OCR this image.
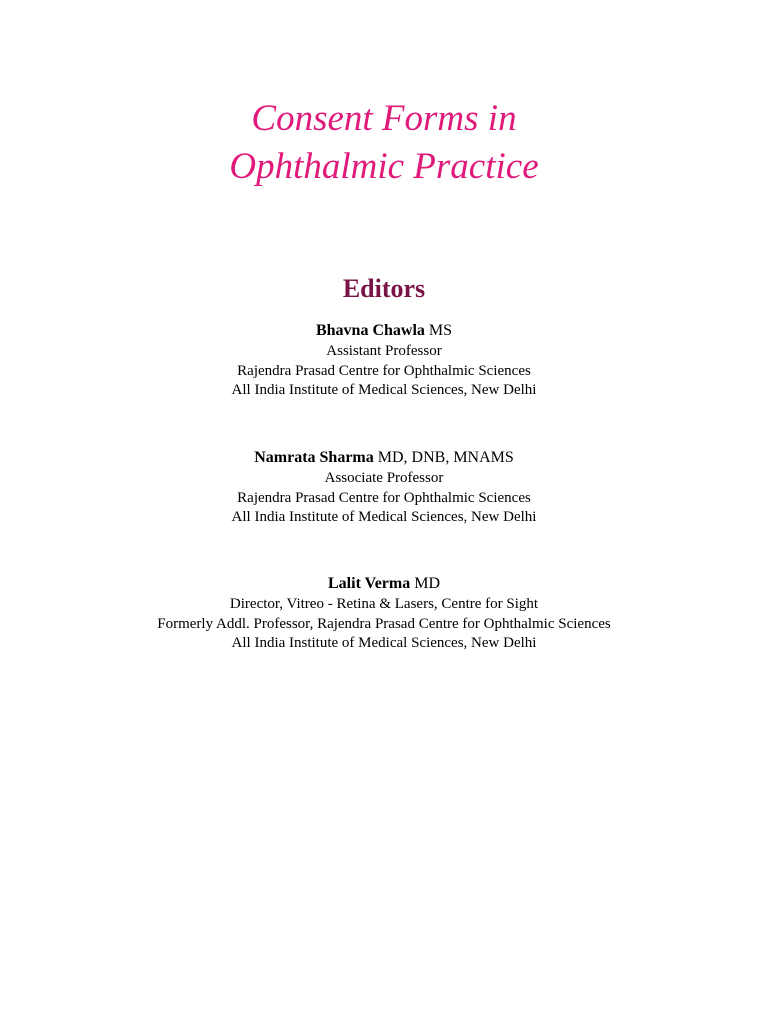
Consent Forms in
Ophthalmic Practice
Editors
Bhavna Chawla MS
Assistant Professor
Rajendra Prasad Centre for Ophthalmic Sciences
All India Institute of Medical Sciences, New Delhi
Namrata Sharma MD, DNB, MNAMS
Associate Professor
Rajendra Prasad Centre for Ophthalmic Sciences
All India Institute of Medical Sciences, New Delhi
Lalit Verma MD
Director, Vitreo - Retina & Lasers, Centre for Sight
Formerly Addl. Professor, Rajendra Prasad Centre for Ophthalmic Sciences
All India Institute of Medical Sciences, New Delhi
